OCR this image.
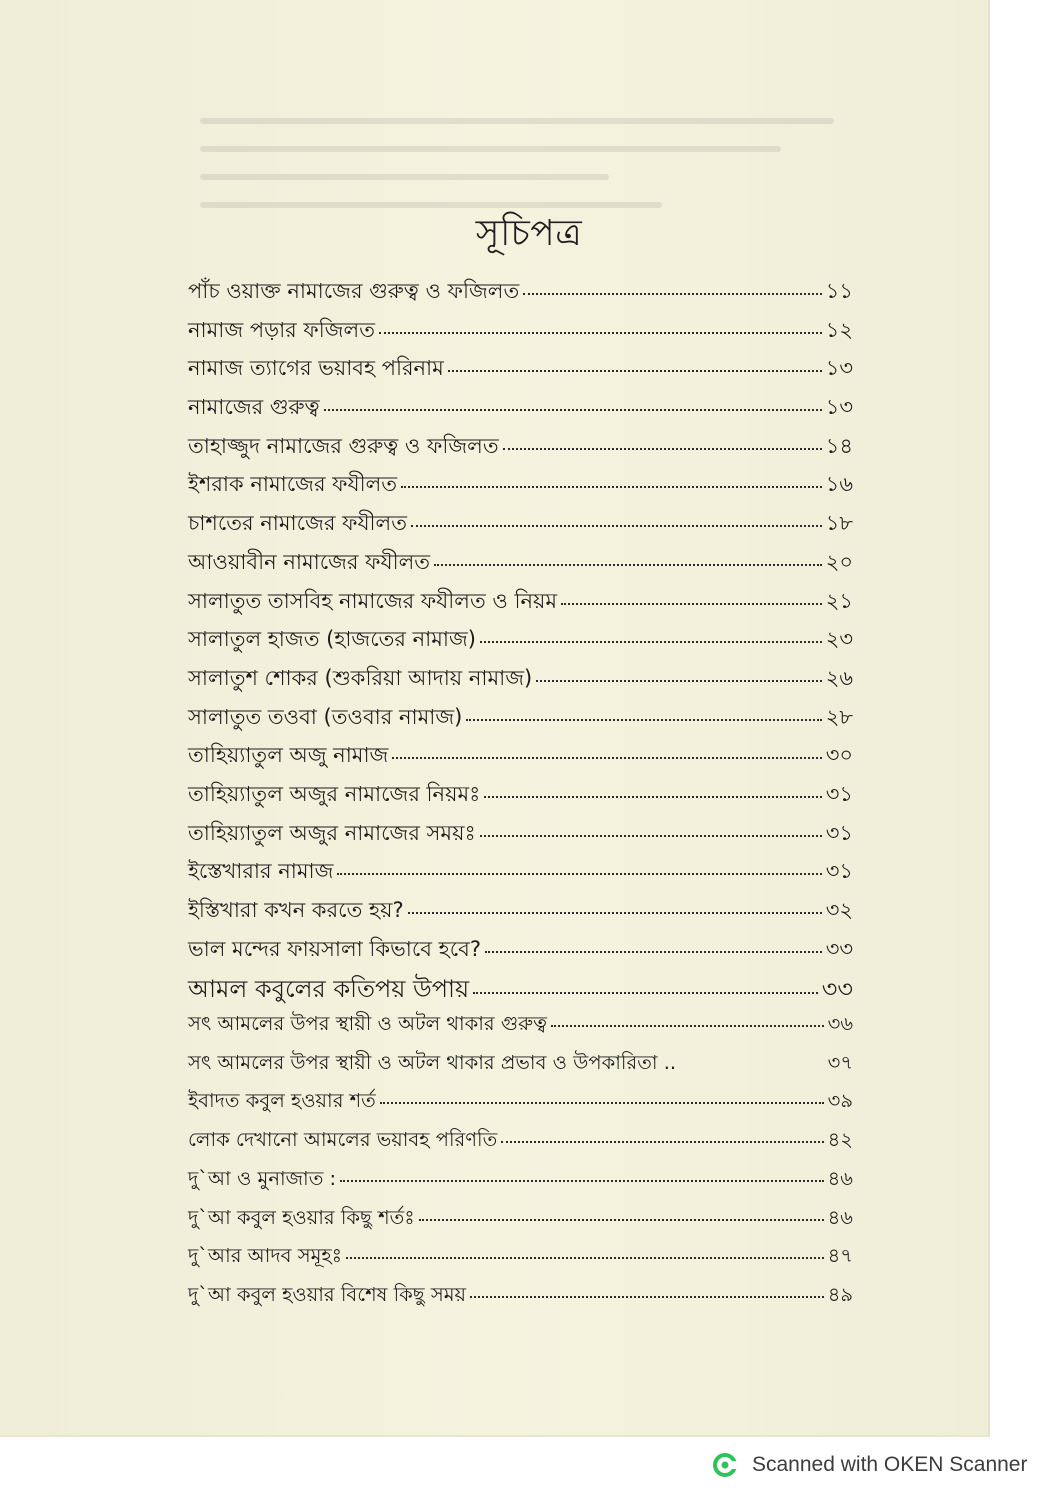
সূচিপত্র
পাঁচ ওয়াক্ত নামাজের গুরুত্ব ও ফজিলত	১১
নামাজ পড়ার ফজিলত	১২
নামাজ ত্যাগের ভয়াবহ পরিনাম	১৩
নামাজের গুরুত্ব	১৩
তাহাজ্জুদ নামাজের গুরুত্ব ও ফজিলত	১৪
ইশরাক নামাজের ফযীলত	১৬
চাশতের নামাজের ফযীলত	১৮
আওয়াবীন নামাজের ফযীলত	২০
সালাতুত তাসবিহ নামাজের ফযীলত ও নিয়ম	২১
সালাতুল হাজত (হাজতের নামাজ)	২৩
সালাতুশ শোকর (শুকরিয়া আদায় নামাজ)	২৬
সালাতুত তওবা (তওবার নামাজ)	২৮
তাহিয়্যাতুল অজু নামাজ	৩০
তাহিয়্যাতুল অজুর নামাজের নিয়মঃ	৩১
তাহিয়্যাতুল অজুর নামাজের সময়ঃ	৩১
ইস্তেখারার নামাজ	৩১
ইস্তিখারা কখন করতে হয়?	৩২
ভাল মন্দের ফায়সালা কিভাবে হবে?	৩৩
আমল কবুলের কতিপয় উপায়	৩৩
সৎ আমলের উপর স্থায়ী ও অটল থাকার গুরুত্ব	৩৬
সৎ আমলের উপর স্থায়ী ও অটল থাকার প্রভাব ও উপকারিতা ..	৩৭
ইবাদত কবুল হওয়ার শর্ত	৩৯
লোক দেখানো আমলের ভয়াবহ পরিণতি	৪২
দু`আ ও মুনাজাত :	৪৬
দু`আ কবুল হওয়ার কিছু শর্তঃ	৪৬
দু`আর আদব সমূহঃ	৪৭
দু`আ কবুল হওয়ার বিশেষ কিছু সময়	৪৯
Scanned with OKEN Scanner
